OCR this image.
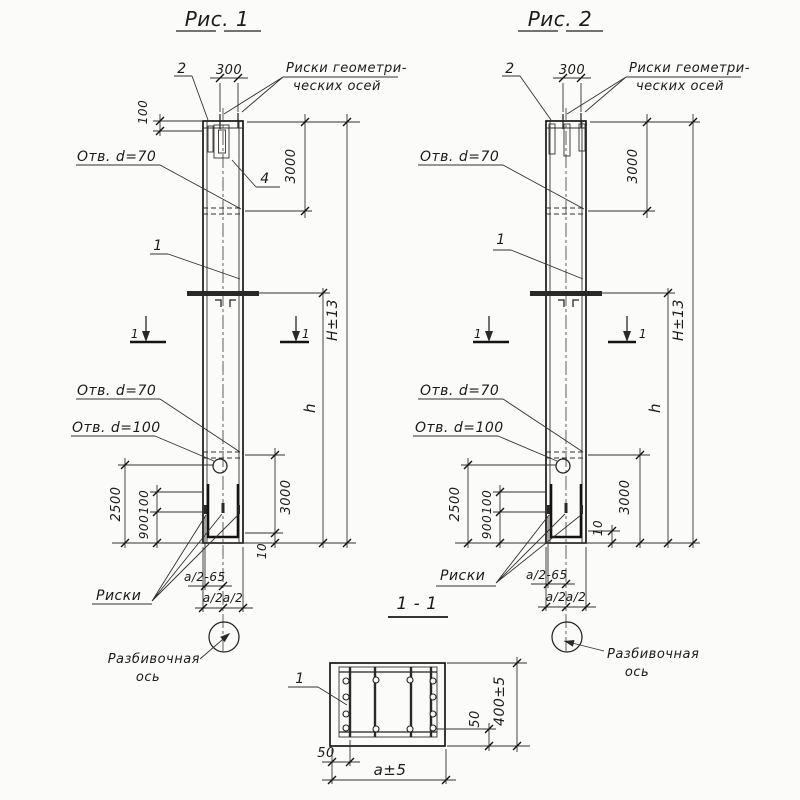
Рис. 1
2 300	Риски геометри-
ческих осей
100
Отв. d=70	3000
4
1
1	1
h
H±13
Отв. d=70
Отв. d=100
2500 100
900
3000
10
Риски
a/2-65
a/2 a/2
Разбивочная
ось
Рис. 2
2	300	Риски геометри-
ческих осей
Отв. d=70	3000
1
1	1
h
H±13
Отв. d=70
Отв. d=100
2500 100
900
3000
10
Риски	a/2-65
a/2 a/2
Разбивочная
ось
1 - 1
1
50
a±5
50 400±5
